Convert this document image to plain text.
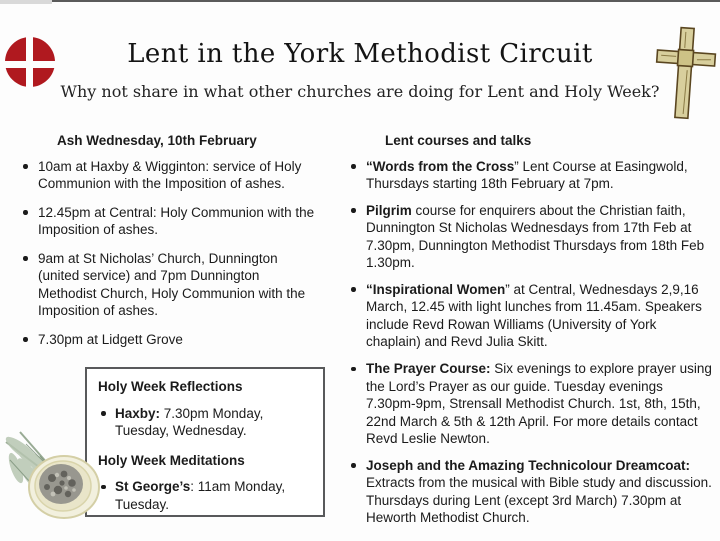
Lent in the York Methodist Circuit
Why not share in what other churches are doing for Lent and Holy Week?
Ash Wednesday, 10th February
10am at Haxby & Wigginton: service of Holy Communion with the Imposition of ashes.
12.45pm at Central: Holy Communion with the Imposition of ashes.
9am at St Nicholas’ Church, Dunnington (united service) and 7pm Dunnington Methodist Church, Holy Communion with the Imposition of ashes.
7.30pm at Lidgett Grove
Lent courses and talks
“Words from the Cross” Lent Course at Easingwold, Thursdays starting 18th February at 7pm.
Pilgrim course for enquirers about the Christian faith, Dunnington St Nicholas Wednesdays from 17th Feb at 7.30pm, Dunnington Methodist Thursdays from 18th Feb 1.30pm.
“Inspirational Women” at Central, Wednesdays 2,9,16 March, 12.45 with light lunches from 11.45am. Speakers include Revd Rowan Williams (University of York chaplain) and Revd Julia Skitt.
The Prayer Course: Six evenings to explore prayer using the Lord’s Prayer as our guide. Tuesday evenings 7.30pm-9pm, Strensall Methodist Church. 1st, 8th, 15th, 22nd March & 5th & 12th April. For more details contact Revd Leslie Newton.
Joseph and the Amazing Technicolour Dreamcoat: Extracts from the musical with Bible study and discussion. Thursdays during Lent (except 3rd March) 7.30pm at Heworth Methodist Church.
Holy Week Reflections
Haxby: 7.30pm Monday, Tuesday, Wednesday.
Holy Week Meditations
St George’s: 11am Monday, Tuesday.
